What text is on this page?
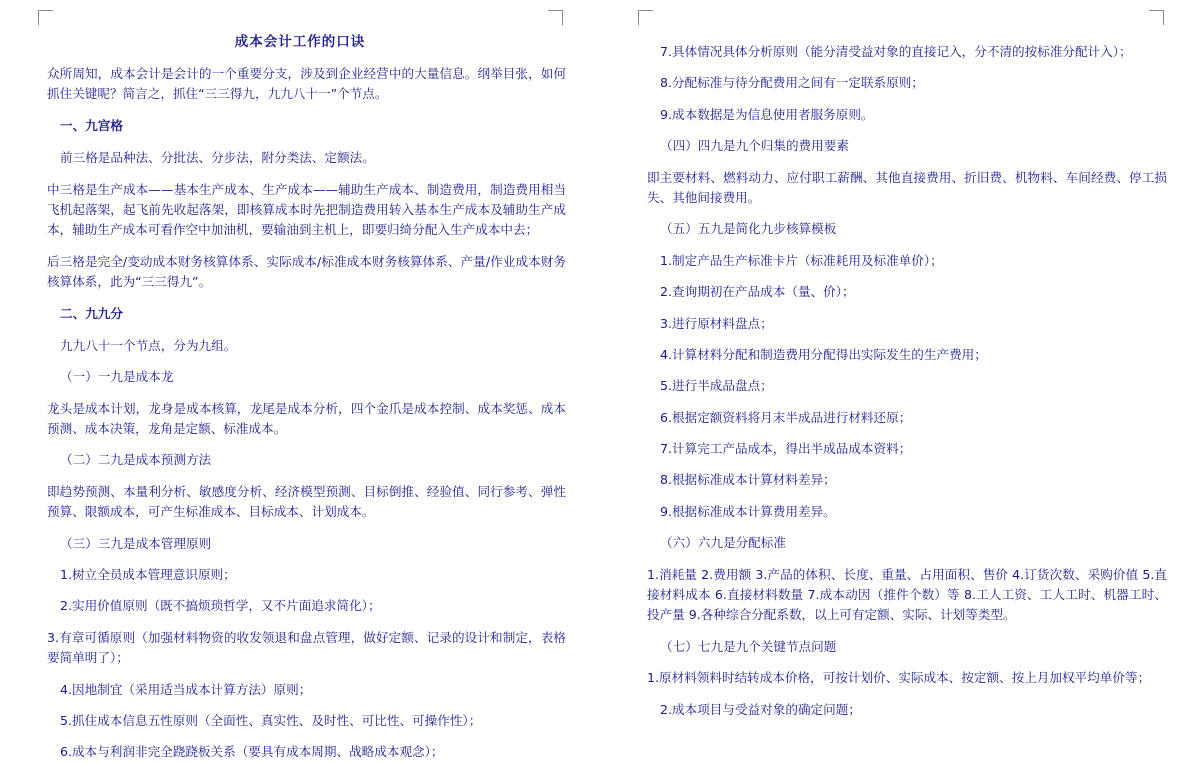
成本会计工作的口诀

众所周知，成本会计是会计的一个重要分支，涉及到企业经营中的大量信息。纲举目张，如何抓住关键呢？简言之，抓住“三三得九，九九八十一”个节点。

一、九宫格

前三格是品种法、分批法、分步法，附分类法、定额法。

中三格是生产成本——基本生产成本、生产成本——辅助生产成本、制造费用，制造费用相当飞机起落架，起飞前先收起落架，即核算成本时先把制造费用转入基本生产成本及辅助生产成本，辅助生产成本可看作空中加油机，要输油到主机上，即要归绮分配入生产成本中去；

后三格是完全/变动成本财务核算体系、实际成本/标准成本财务核算体系、产量/作业成本财务核算体系，此为“三三得九”。

二、九九分

九九八十一个节点，分为九组。

（一）一九是成本龙

龙头是成本计划，龙身是成本核算，龙尾是成本分析，四个金爪是成本控制、成本奖惩、成本预测、成本决策，龙角是定额、标准成本。

（二）二九是成本预测方法

即趋势预测、本量利分析、敏感度分析、经济模型预测、目标倒推、经验值、同行参考、弹性预算、限额成本，可产生标准成本、目标成本、计划成本。

（三）三九是成本管理原则

1.树立全员成本管理意识原则；

2.实用价值原则（既不搞烦琐哲学，又不片面追求简化）；

3.有章可循原则（加强材料物资的收发领退和盘点管理，做好定额、记录的设计和制定，表格要简单明了）；

4.因地制宜（采用适当成本计算方法）原则；

5.抓住成本信息五性原则（全面性、真实性、及时性、可比性、可操作性）；

6.成本与利润非完全跷跷板关系（要具有成本周期、战略成本观念）；

7.具体情况具体分析原则（能分清受益对象的直接记入，分不清的按标准分配计入）；

8.分配标准与待分配费用之间有一定联系原则；

9.成本数据是为信息使用者服务原则。

（四）四九是九个归集的费用要素

即主要材料、燃料动力、应付职工薪酬、其他直接费用、折旧费、机物料、车间经费、停工损失、其他间接费用。

（五）五九是简化九步核算模板

1.制定产品生产标准卡片（标准耗用及标准单价）；

2.查询期初在产品成本（量、价）；

3.进行原材料盘点；

4.计算材料分配和制造费用分配得出实际发生的生产费用；

5.进行半成品盘点；

6.根据定额资料将月末半成品进行材料还原；

7.计算完工产品成本，得出半成品成本资料；

8.根据标准成本计算材料差异；

9.根据标准成本计算费用差异。

（六）六九是分配标准

1.消耗量 2.费用额 3.产品的体积、长度、重量、占用面积、售价 4.订货次数、采购价值 5.直接材料成本 6.直接材料数量 7.成本动因（推件个数）等 8.工人工资、工人工时、机器工时、投产量 9.各种综合分配系数，以上可有定额、实际、计划等类型。

（七）七九是九个关键节点问题

1.原材料领料时结转成本价格，可按计划价、实际成本、按定额、按上月加权平均单价等；

2.成本项目与受益对象的确定问题；
